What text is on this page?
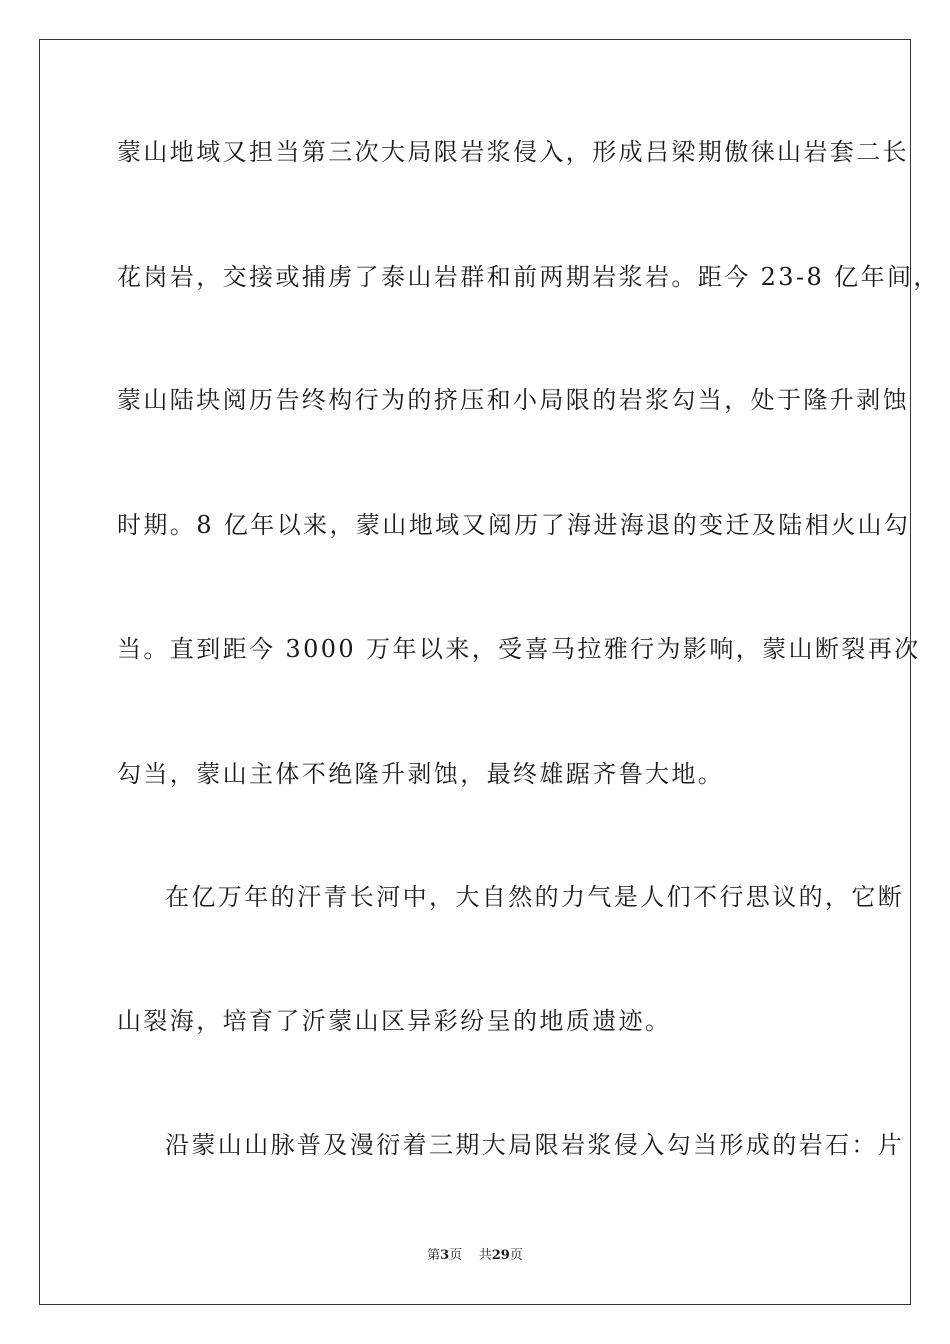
蒙山地域又担当第三次大局限岩浆侵入，形成吕梁期傲徕山岩套二长
花岗岩，交接或捕虏了泰山岩群和前两期岩浆岩。距今 23-8 亿年间，
蒙山陆块阅历告终构行为的挤压和小局限的岩浆勾当，处于隆升剥蚀
时期。8 亿年以来，蒙山地域又阅历了海进海退的变迁及陆相火山勾
当。直到距今 3000 万年以来，受喜马拉雅行为影响，蒙山断裂再次
勾当，蒙山主体不绝隆升剥蚀，最终雄踞齐鲁大地。
在亿万年的汗青长河中，大自然的力气是人们不行思议的，它断
山裂海，培育了沂蒙山区异彩纷呈的地质遗迹。
沿蒙山山脉普及漫衍着三期大局限岩浆侵入勾当形成的岩石：片
第3页 共29页
